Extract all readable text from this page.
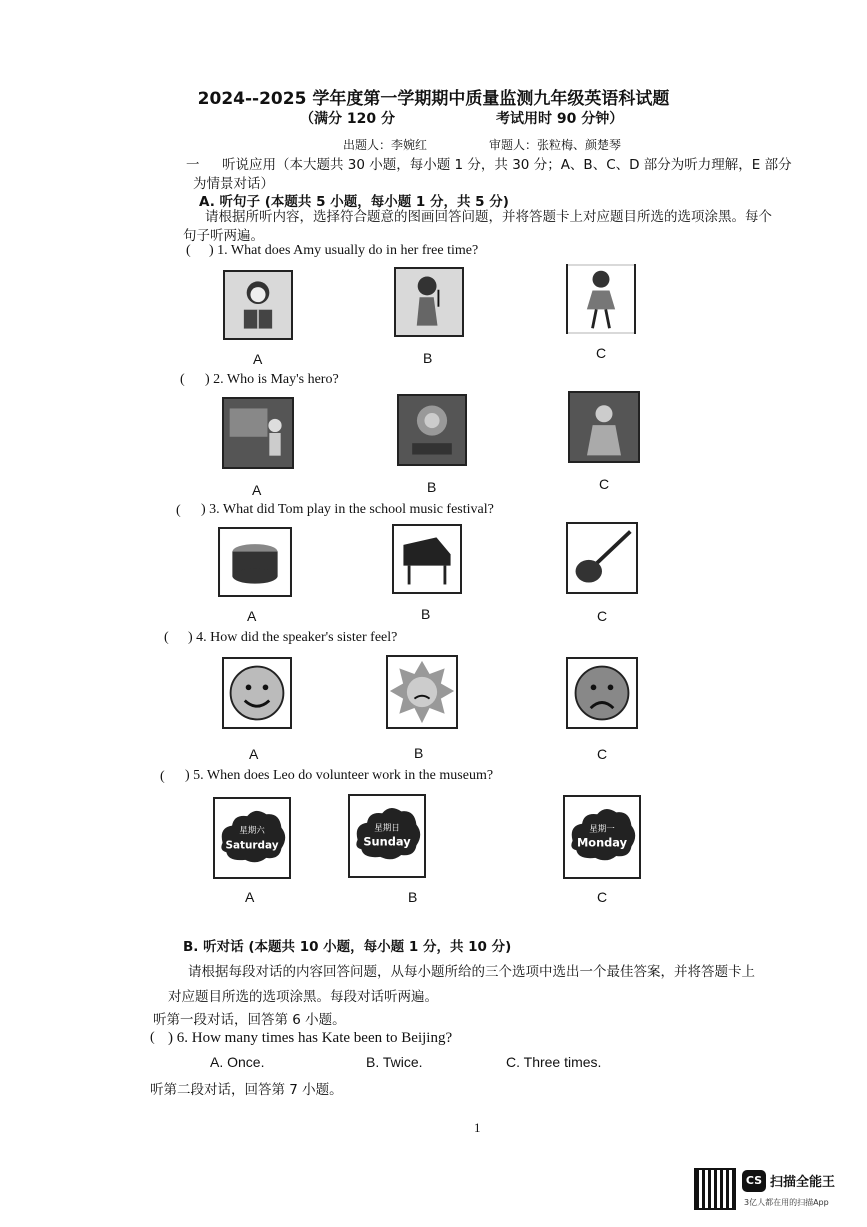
2024--2025 学年度第一学期期中质量监测九年级英语科试题
（满分 120 分	考试用时 90 分钟）
出题人：李婉红	审题人：张粒梅、颜楚琴
一 听说应用（本大题共 30 小题，每小题 1 分，共 30 分；A、B、C、D 部分为听力理解，E 部分
为情景对话）
A. 听句子 (本题共 5 小题，每小题 1 分，共 5 分)
请根据所听内容，选择符合题意的图画回答问题，并将答题卡上对应题目所选的选项涂黑。每个
句子听两遍。
( ) 1. What does Amy usually do in her free time?
A	B	C
( ) 2. Who is May's hero?
A	B	C
( ) 3. What did Tom play in the school music festival?
A	B	C
( ) 4. How did the speaker's sister feel?
A	B	C
( ) 5. When does Leo do volunteer work in the museum?
星期六
Saturday
星期日
Sunday
星期一
Monday
A	B	C
B. 听对话 (本题共 10 小题，每小题 1 分，共 10 分)
请根据每段对话的内容回答问题，从每小题所给的三个选项中选出一个最佳答案，并将答题卡上
对应题目所选的选项涂黑。每段对话听两遍。
听第一段对话，回答第 6 小题。
( ) 6. How many times has Kate been to Beijing?
A. Once.	B. Twice.	C. Three times.
听第二段对话，回答第 7 小题。
1
CS 扫描全能王
3亿人都在用的扫描App
